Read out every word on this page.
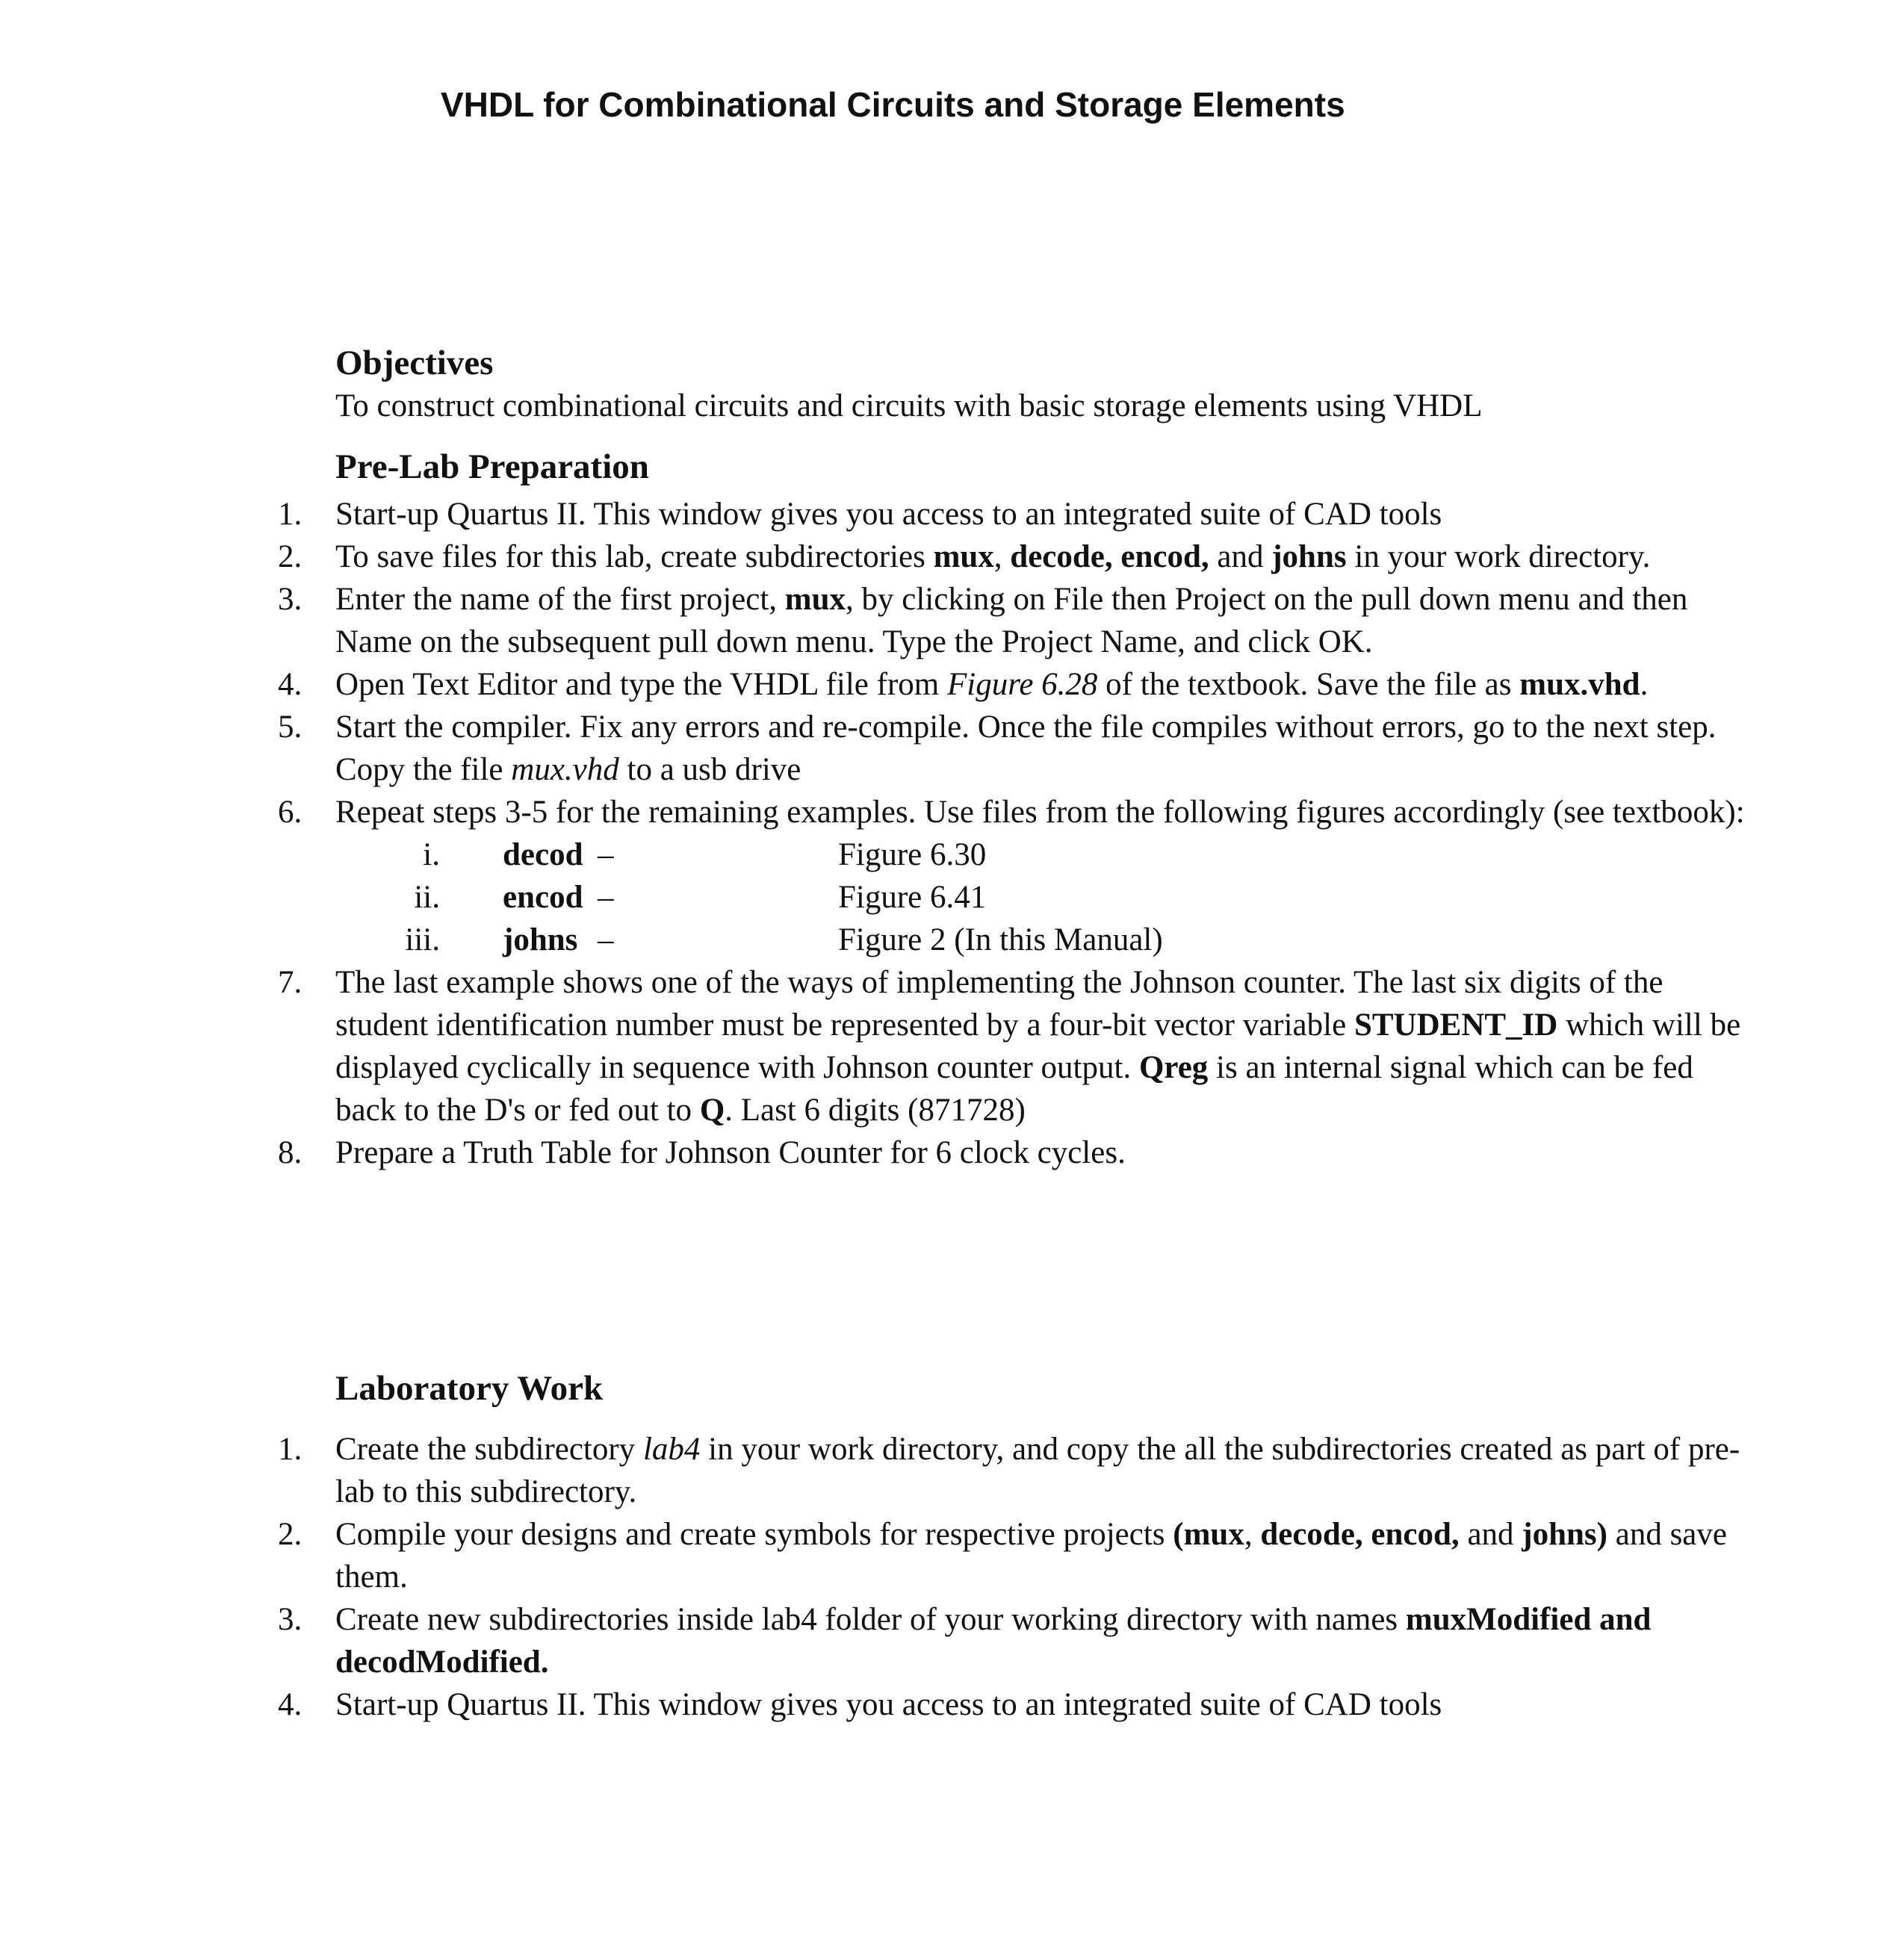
VHDL for Combinational Circuits and Storage Elements
Objectives

To construct combinational circuits and circuits with basic storage elements using VHDL

Pre-Lab Preparation
1. Start-up Quartus II. This window gives you access to an integrated suite of CAD tools
2. To save files for this lab, create subdirectories mux, decode, encod, and johns in your work directory.
3. Enter the name of the first project, mux, by clicking on File then Project on the pull down menu and then Name on the subsequent pull down menu. Type the Project Name, and click OK.
4. Open Text Editor and type the VHDL file from Figure 6.28 of the textbook. Save the file as mux.vhd.
5. Start the compiler. Fix any errors and re-compile. Once the file compiles without errors, go to the next step. Copy the file mux.vhd to a usb drive
6. Repeat steps 3-5 for the remaining examples. Use files from the following figures accordingly (see textbook):
i. decod –	Figure 6.30
ii. encod –	Figure 6.41
iii. johns –	Figure 2 (In this Manual)
7. The last example shows one of the ways of implementing the Johnson counter. The last six digits of the student identification number must be represented by a four-bit vector variable STUDENT_ID which will be displayed cyclically in sequence with Johnson counter output. Qreg is an internal signal which can be fed back to the D's or fed out to Q. Last 6 digits (871728)
8. Prepare a Truth Table for Johnson Counter for 6 clock cycles.
Laboratory Work
1. Create the subdirectory lab4 in your work directory, and copy the all the subdirectories created as part of pre-lab to this subdirectory.
2. Compile your designs and create symbols for respective projects (mux, decode, encod, and johns) and save them.
3. Create new subdirectories inside lab4 folder of your working directory with names muxModified and decodModified.
4. Start-up Quartus II. This window gives you access to an integrated suite of CAD tools
